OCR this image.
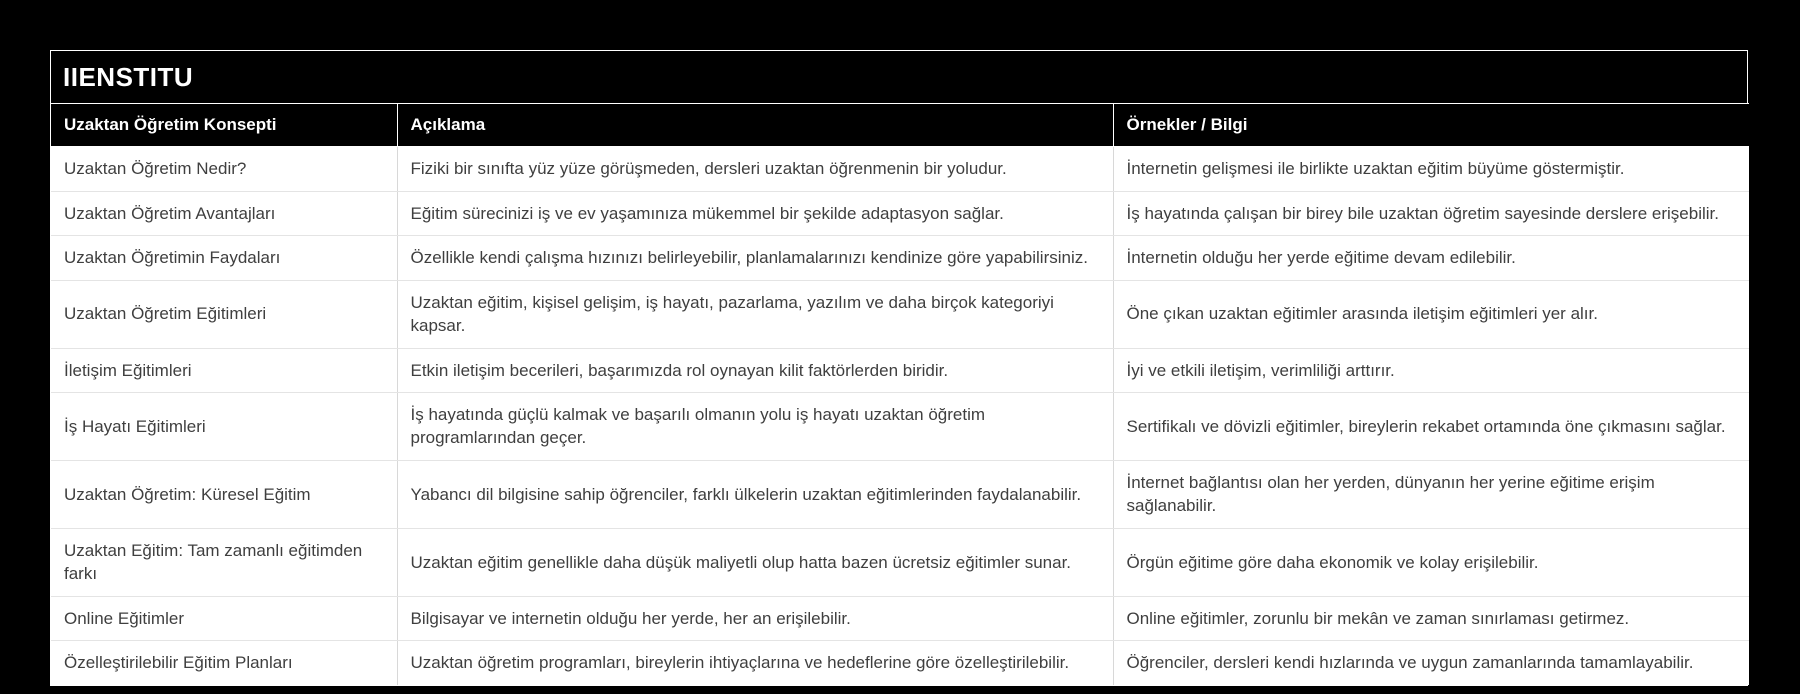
IIENSTITU
Uzaktan Öğretim Konsepti	Açıklama	Örnekler / Bilgi
Uzaktan Öğretim Nedir?	Fiziki bir sınıfta yüz yüze görüşmeden, dersleri uzaktan öğrenmenin bir yoludur.	İnternetin gelişmesi ile birlikte uzaktan eğitim büyüme göstermiştir.
Uzaktan Öğretim Avantajları	Eğitim sürecinizi iş ve ev yaşamınıza mükemmel bir şekilde adaptasyon sağlar.	İş hayatında çalışan bir birey bile uzaktan öğretim sayesinde derslere erişebilir.
Uzaktan Öğretimin Faydaları	Özellikle kendi çalışma hızınızı belirleyebilir, planlamalarınızı kendinize göre yapabilirsiniz.	İnternetin olduğu her yerde eğitime devam edilebilir.
Uzaktan Öğretim Eğitimleri	Uzaktan eğitim, kişisel gelişim, iş hayatı, pazarlama, yazılım ve daha birçok kategoriyi kapsar.	Öne çıkan uzaktan eğitimler arasında iletişim eğitimleri yer alır.
İletişim Eğitimleri	Etkin iletişim becerileri, başarımızda rol oynayan kilit faktörlerden biridir.	İyi ve etkili iletişim, verimliliği arttırır.
İş Hayatı Eğitimleri	İş hayatında güçlü kalmak ve başarılı olmanın yolu iş hayatı uzaktan öğretim programlarından geçer.	Sertifikalı ve dövizli eğitimler, bireylerin rekabet ortamında öne çıkmasını sağlar.
Uzaktan Öğretim: Küresel Eğitim	Yabancı dil bilgisine sahip öğrenciler, farklı ülkelerin uzaktan eğitimlerinden faydalanabilir.	İnternet bağlantısı olan her yerden, dünyanın her yerine eğitime erişim sağlanabilir.
Uzaktan Eğitim: Tam zamanlı eğitimden farkı	Uzaktan eğitim genellikle daha düşük maliyetli olup hatta bazen ücretsiz eğitimler sunar.	Örgün eğitime göre daha ekonomik ve kolay erişilebilir.
Online Eğitimler	Bilgisayar ve internetin olduğu her yerde, her an erişilebilir.	Online eğitimler, zorunlu bir mekân ve zaman sınırlaması getirmez.
Özelleştirilebilir Eğitim Planları	Uzaktan öğretim programları, bireylerin ihtiyaçlarına ve hedeflerine göre özelleştirilebilir.	Öğrenciler, dersleri kendi hızlarında ve uygun zamanlarında tamamlayabilir.
